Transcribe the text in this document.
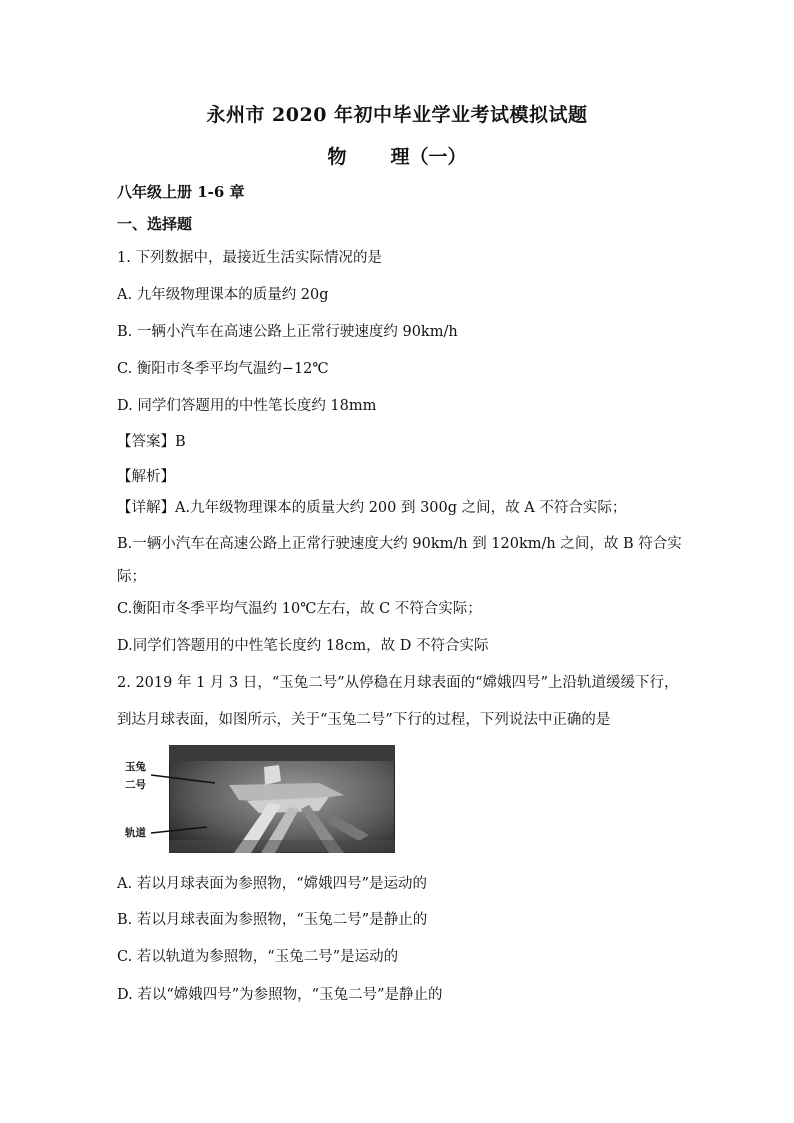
永州市 2020 年初中毕业学业考试模拟试题
物 理（一）
八年级上册 1-6 章
一、选择题
1. 下列数据中，最接近生活实际情况的是
A. 九年级物理课本的质量约 20g
B. 一辆小汽车在高速公路上正常行驶速度约 90km/h
C. 衡阳市冬季平均气温约−12℃
D. 同学们答题用的中性笔长度约 18mm
【答案】B
【解析】
【详解】A.九年级物理课本的质量大约 200 到 300g 之间，故 A 不符合实际；
B.一辆小汽车在高速公路上正常行驶速度大约 90km/h 到 120km/h 之间，故 B 符合实
际；
C.衡阳市冬季平均气温约 10℃左右，故 C 不符合实际；
D.同学们答题用的中性笔长度约 18cm，故 D 不符合实际
2. 2019 年 1 月 3 日，“玉兔二号”从停稳在月球表面的“嫦娥四号”上沿轨道缓缓下行，
到达月球表面，如图所示，关于“玉兔二号”下行的过程，下列说法中正确的是
玉兔
二号
轨道
A. 若以月球表面为参照物，“嫦娥四号”是运动的
B. 若以月球表面为参照物，“玉兔二号”是静止的
C. 若以轨道为参照物，“玉兔二号”是运动的
D. 若以“嫦娥四号”为参照物，“玉兔二号”是静止的
